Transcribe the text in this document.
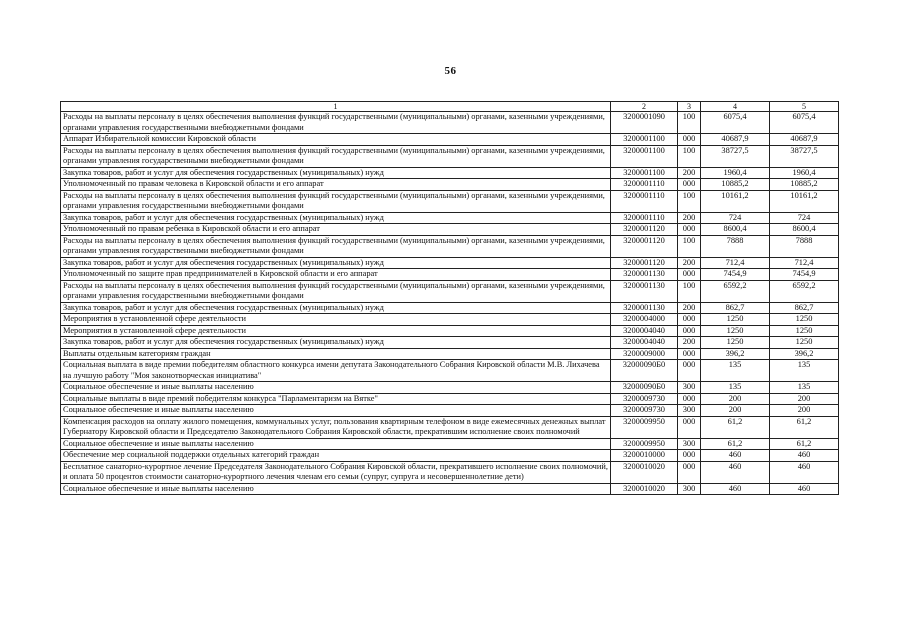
56
1	2	3	4	5
Расходы на выплаты персоналу в целях обеспечения выполнения функций государственными (муниципальными) органами, казенными учреждениями, органами управления государственными внебюджетными фондами	3200001090	100	6075,4	6075,4
Аппарат Избирательной комиссии Кировской области	3200001100	000	40687,9	40687,9
Расходы на выплаты персоналу в целях обеспечения выполнения функций государственными (муниципальными) органами, казенными учреждениями, органами управления государственными внебюджетными фондами	3200001100	100	38727,5	38727,5
Закупка товаров, работ и услуг для обеспечения государственных (муниципальных) нужд	3200001100	200	1960,4	1960,4
Уполномоченный по правам человека в Кировской области и его аппарат	3200001110	000	10885,2	10885,2
Расходы на выплаты персоналу в целях обеспечения выполнения функций государственными (муниципальными) органами, казенными учреждениями, органами управления государственными внебюджетными фондами	3200001110	100	10161,2	10161,2
Закупка товаров, работ и услуг для обеспечения государственных (муниципальных) нужд	3200001110	200	724	724
Уполномоченный по правам ребенка в Кировской области и его аппарат	3200001120	000	8600,4	8600,4
Расходы на выплаты персоналу в целях обеспечения выполнения функций государственными (муниципальными) органами, казенными учреждениями, органами управления государственными внебюджетными фондами	3200001120	100	7888	7888
Закупка товаров, работ и услуг для обеспечения государственных (муниципальных) нужд	3200001120	200	712,4	712,4
Уполномоченный по защите прав предпринимателей в Кировской области и его аппарат	3200001130	000	7454,9	7454,9
Расходы на выплаты персоналу в целях обеспечения выполнения функций государственными (муниципальными) органами, казенными учреждениями, органами управления государственными внебюджетными фондами	3200001130	100	6592,2	6592,2
Закупка товаров, работ и услуг для обеспечения государственных (муниципальных) нужд	3200001130	200	862,7	862,7
Мероприятия в установленной сфере деятельности	3200004000	000	1250	1250
Мероприятия в установленной сфере деятельности	3200004040	000	1250	1250
Закупка товаров, работ и услуг для обеспечения государственных (муниципальных) нужд	3200004040	200	1250	1250
Выплаты отдельным категориям граждан	3200009000	000	396,2	396,2
Социальная выплата в виде премии победителям областного конкурса имени депутата Законодательного Собрания Кировской области М.В. Лихачева на лучшую работу "Моя законотворческая инициатива"	32000090Б0	000	135	135
Социальное обеспечение и иные выплаты населению	32000090Б0	300	135	135
Социальные выплаты в виде премий победителям конкурса "Парламентаризм на Вятке"	3200009730	000	200	200
Социальное обеспечение и иные выплаты населению	3200009730	300	200	200
Компенсация расходов на оплату жилого помещения, коммунальных услуг, пользования квартирным телефоном в виде ежемесячных денежных выплат Губернатору Кировской области и Председателю Законодательного Собрания Кировской области, прекратившим исполнение своих полномочий	3200009950	000	61,2	61,2
Социальное обеспечение и иные выплаты населению	3200009950	300	61,2	61,2
Обеспечение мер социальной поддержки отдельных категорий граждан	3200010000	000	460	460
Бесплатное санаторно-курортное лечение Председателя Законодательного Собрания Кировской области, прекратившего исполнение своих полномочий, и оплата 50 процентов стоимости санаторно-курортного лечения членам его семьи (супруг, супруга и несовершеннолетние дети)	3200010020	000	460	460
Социальное обеспечение и иные выплаты населению	3200010020	300	460	460
